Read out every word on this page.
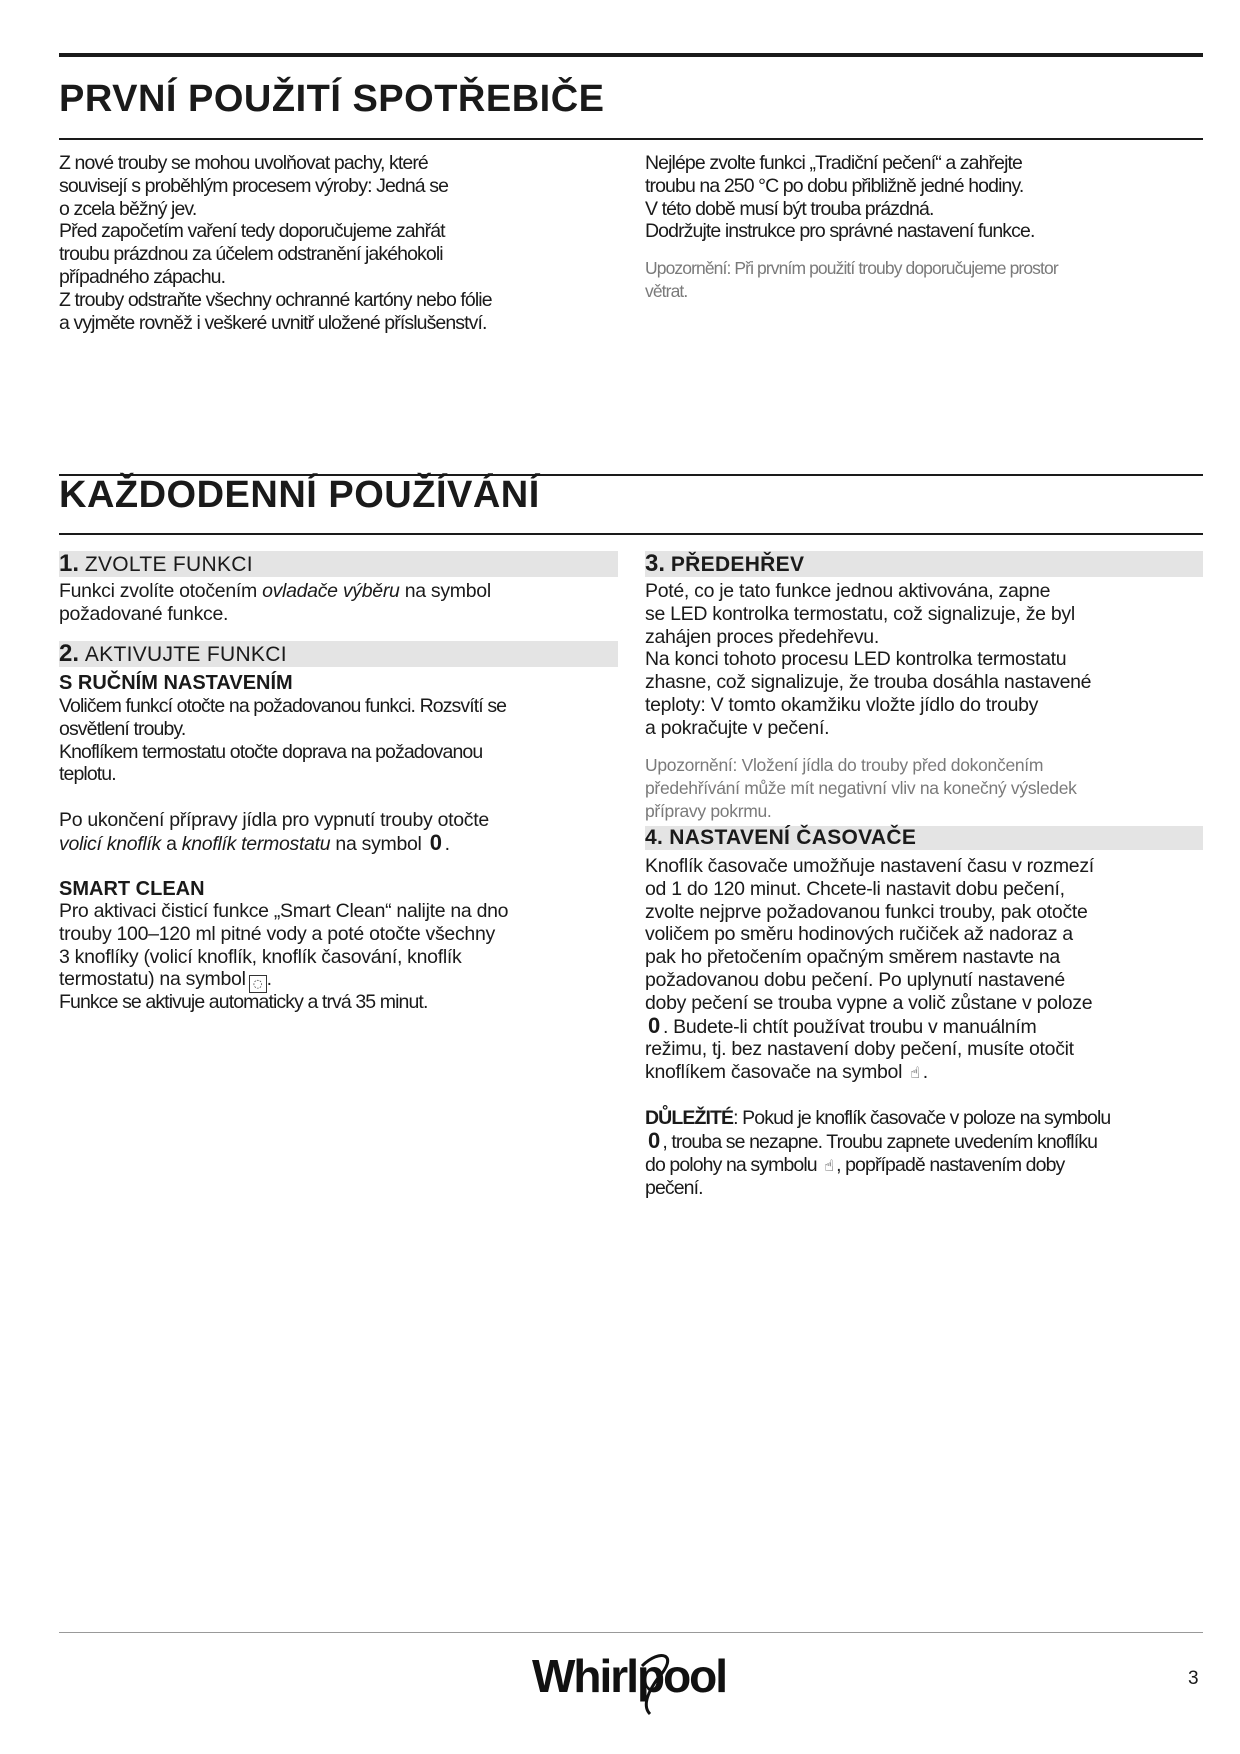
PRVNÍ POUŽITÍ SPOTŘEBIČE
Z nové trouby se mohou uvolňovat pachy, které
souvisejí s proběhlým procesem výroby: Jedná se
o zcela běžný jev.
Před započetím vaření tedy doporučujeme zahřát
troubu prázdnou za účelem odstranění jakéhokoli
případného zápachu.
Z trouby odstraňte všechny ochranné kartóny nebo fólie
a vyjměte rovněž i veškeré uvnitř uložené příslušenství.
Nejlépe zvolte funkci „Tradiční pečení“ a zahřejte
troubu na 250 °C po dobu přibližně jedné hodiny.
V této době musí být trouba prázdná.
Dodržujte instrukce pro správné nastavení funkce.
Upozornění: Při prvním použití trouby doporučujeme prostor
větrat.
KAŽDODENNÍ POUŽÍVÁNÍ
1. ZVOLTE FUNKCI
Funkci zvolíte otočením ovladače výběru na symbol
požadované funkce.
2. AKTIVUJTE FUNKCI
S RUČNÍM NASTAVENÍM
Voličem funkcí otočte na požadovanou funkci. Rozsvítí se
osvětlení trouby.
Knoflíkem termostatu otočte doprava na požadovanou
teplotu.
Po ukončení přípravy jídla pro vypnutí trouby otočte
volicí knoflík a knoflík termostatu na symbol 0 .
SMART CLEAN
Pro aktivaci čisticí funkce „Smart Clean“ nalijte na dno
trouby 100–120 ml pitné vody a poté otočte všechny
3 knoflíky (volicí knoflík, knoflík časování, knoflík
termostatu) na symbol ◌ .
Funkce se aktivuje automaticky a trvá 35 minut.
3. PŘEDEHŘEV
Poté, co je tato funkce jednou aktivována, zapne
se LED kontrolka termostatu, což signalizuje, že byl
zahájen proces předehřevu.
Na konci tohoto procesu LED kontrolka termostatu
zhasne, což signalizuje, že trouba dosáhla nastavené
teploty: V tomto okamžiku vložte jídlo do trouby
a pokračujte v pečení.
Upozornění: Vložení jídla do trouby před dokončením
předehřívání může mít negativní vliv na konečný výsledek
přípravy pokrmu.
4. NASTAVENÍ ČASOVAČE
Knoflík časovače umožňuje nastavení času v rozmezí
od 1 do 120 minut. Chcete-li nastavit dobu pečení,
zvolte nejprve požadovanou funkci trouby, pak otočte
voličem po směru hodinových ručiček až nadoraz a
pak ho přetočením opačným směrem nastavte na
požadovanou dobu pečení. Po uplynutí nastavené
doby pečení se trouba vypne a volič zůstane v poloze
0 . Budete-li chtít používat troubu v manuálním
režimu, tj. bez nastavení doby pečení, musíte otočit
knoflíkem časovače na symbol ☝ .
DŮLEŽITÉ: Pokud je knoflík časovače v poloze na symbolu
0 , trouba se nezapne. Troubu zapnete uvedením knoflíku
do polohy na symbolu ☝ , popřípadě nastavením doby
pečení.
Whirlpool	3
